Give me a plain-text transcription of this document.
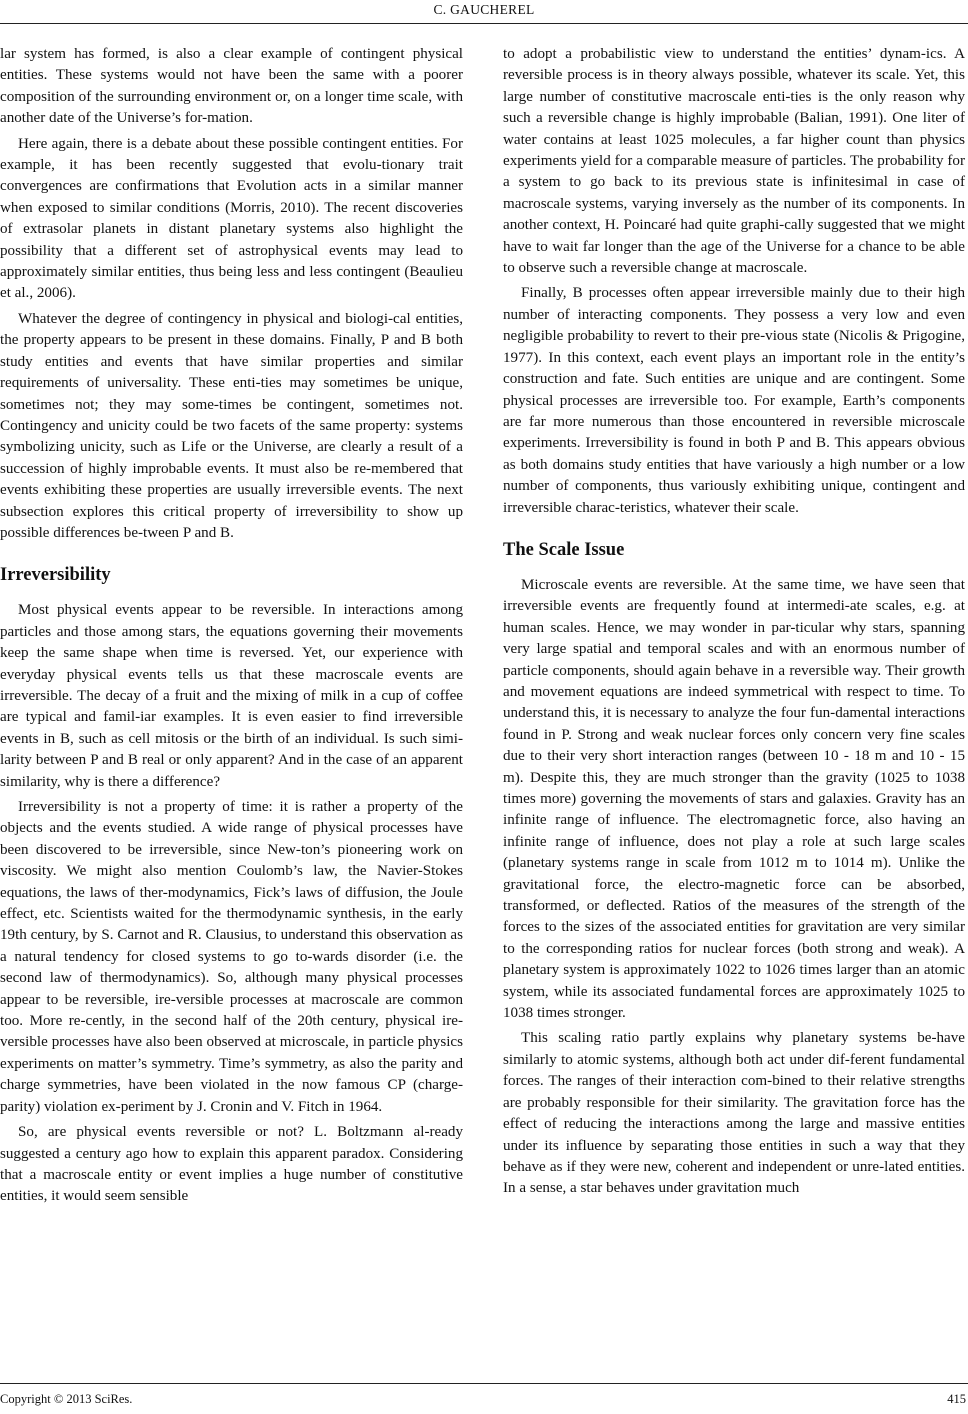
C. GAUCHEREL

lar system has formed, is also a clear example of contingent physical entities. These systems would not have been the same with a poorer composition of the surrounding environment or, on a longer time scale, with another date of the Universe’s for-mation.

Here again, there is a debate about these possible contingent entities. For example, it has been recently suggested that evolu-tionary trait convergences are confirmations that Evolution acts in a similar manner when exposed to similar conditions (Morris, 2010). The recent discoveries of extrasolar planets in distant planetary systems also highlight the possibility that a different set of astrophysical events may lead to approximately similar entities, thus being less and less contingent (Beaulieu et al., 2006).

Whatever the degree of contingency in physical and biologi-cal entities, the property appears to be present in these domains. Finally, P and B both study entities and events that have similar properties and similar requirements of universality. These enti-ties may sometimes be unique, sometimes not; they may some-times be contingent, sometimes not. Contingency and unicity could be two facets of the same property: systems symbolizing unicity, such as Life or the Universe, are clearly a result of a succession of highly improbable events. It must also be re-membered that events exhibiting these properties are usually irreversible events. The next subsection explores this critical property of irreversibility to show up possible differences be-tween P and B.

Irreversibility

Most physical events appear to be reversible. In interactions among particles and those among stars, the equations governing their movements keep the same shape when time is reversed. Yet, our experience with everyday physical events tells us that these macroscale events are irreversible. The decay of a fruit and the mixing of milk in a cup of coffee are typical and famil-iar examples. It is even easier to find irreversible events in B, such as cell mitosis or the birth of an individual. Is such simi-larity between P and B real or only apparent? And in the case of an apparent similarity, why is there a difference?

Irreversibility is not a property of time: it is rather a property of the objects and the events studied. A wide range of physical processes have been discovered to be irreversible, since New-ton’s pioneering work on viscosity. We might also mention Coulomb’s law, the Navier-Stokes equations, the laws of ther-modynamics, Fick’s laws of diffusion, the Joule effect, etc. Scientists waited for the thermodynamic synthesis, in the early 19th century, by S. Carnot and R. Clausius, to understand this observation as a natural tendency for closed systems to go to-wards disorder (i.e. the second law of thermodynamics). So, although many physical processes appear to be reversible, ire-versible processes at macroscale are common too. More re-cently, in the second half of the 20th century, physical ire-versible processes have also been observed at microscale, in particle physics experiments on matter’s symmetry. Time’s symmetry, as also the parity and charge symmetries, have been violated in the now famous CP (charge-parity) violation ex-periment by J. Cronin and V. Fitch in 1964.

So, are physical events reversible or not? L. Boltzmann al-ready suggested a century ago how to explain this apparent paradox. Considering that a macroscale entity or event implies a huge number of constitutive entities, it would seem sensible

to adopt a probabilistic view to understand the entities’ dynam-ics. A reversible process is in theory always possible, whatever its scale. Yet, this large number of constitutive macroscale enti-ties is the only reason why such a reversible change is highly improbable (Balian, 1991). One liter of water contains at least 1025 molecules, a far higher count than physics experiments yield for a comparable measure of particles. The probability for a system to go back to its previous state is infinitesimal in case of macroscale systems, varying inversely as the number of its components. In another context, H. Poincaré had quite graphi-cally suggested that we might have to wait far longer than the age of the Universe for a chance to be able to observe such a reversible change at macroscale.

Finally, B processes often appear irreversible mainly due to their high number of interacting components. They possess a very low and even negligible probability to revert to their pre-vious state (Nicolis & Prigogine, 1977). In this context, each event plays an important role in the entity’s construction and fate. Such entities are unique and are contingent. Some physical processes are irreversible too. For example, Earth’s components are far more numerous than those encountered in reversible microscale experiments. Irreversibility is found in both P and B. This appears obvious as both domains study entities that have variously a high number or a low number of components, thus variously exhibiting unique, contingent and irreversible charac-teristics, whatever their scale.

The Scale Issue

Microscale events are reversible. At the same time, we have seen that irreversible events are frequently found at intermedi-ate scales, e.g. at human scales. Hence, we may wonder in par-ticular why stars, spanning very large spatial and temporal scales and with an enormous number of particle components, should again behave in a reversible way. Their growth and movement equations are indeed symmetrical with respect to time. To understand this, it is necessary to analyze the four fun-damental interactions found in P. Strong and weak nuclear forces only concern very fine scales due to their very short interaction ranges (between 10 - 18 m and 10 - 15 m). Despite this, they are much stronger than the gravity (1025 to 1038 times more) governing the movements of stars and galaxies. Gravity has an infinite range of influence. The electromagnetic force, also having an infinite range of influence, does not play a role at such large scales (planetary systems range in scale from 1012 m to 1014 m). Unlike the gravitational force, the electro-magnetic force can be absorbed, transformed, or deflected. Ratios of the measures of the strength of the forces to the sizes of the associated entities for gravitation are very similar to the corresponding ratios for nuclear forces (both strong and weak). A planetary system is approximately 1022 to 1026 times larger than an atomic system, while its associated fundamental forces are approximately 1025 to 1038 times stronger.

This scaling ratio partly explains why planetary systems be-have similarly to atomic systems, although both act under dif-ferent fundamental forces. The ranges of their interaction com-bined to their relative strengths are probably responsible for their similarity. The gravitation force has the effect of reducing the interactions among the large and massive entities under its influence by separating those entities in such a way that they behave as if they were new, coherent and independent or unre-lated entities. In a sense, a star behaves under gravitation much

Copyright © 2013 SciRes.	415
